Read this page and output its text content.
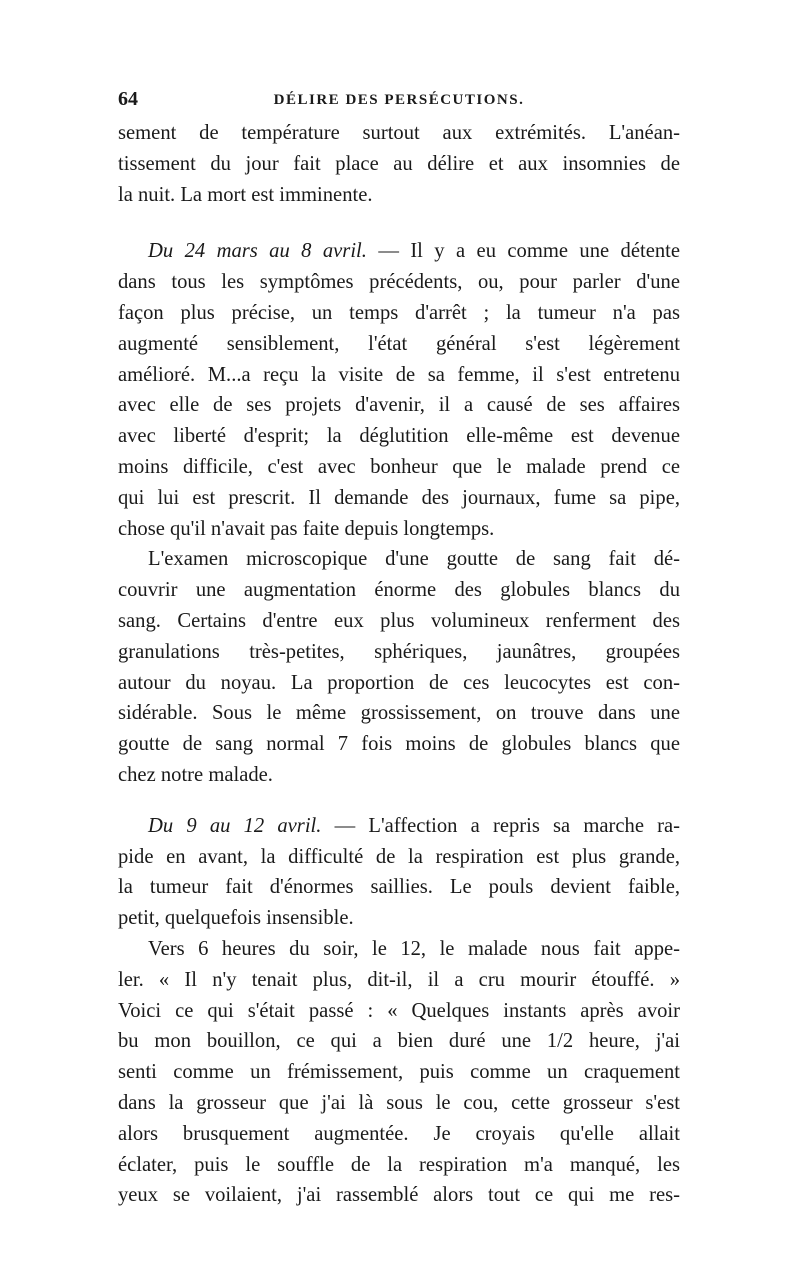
64	DÉLIRE DES PERSÉCUTIONS.
sement de température surtout aux extrémités. L'anéan-
tissement du jour fait place au délire et aux insomnies de
la nuit. La mort est imminente.
Du 24 mars au 8 avril. — Il y a eu comme une détente
dans tous les symptômes précédents, ou, pour parler d'une
façon plus précise, un temps d'arrêt ; la tumeur n'a pas
augmenté sensiblement, l'état général s'est légèrement
amélioré. M...a reçu la visite de sa femme, il s'est entretenu
avec elle de ses projets d'avenir, il a causé de ses affaires
avec liberté d'esprit; la déglutition elle-même est devenue
moins difficile, c'est avec bonheur que le malade prend ce
qui lui est prescrit. Il demande des journaux, fume sa pipe,
chose qu'il n'avait pas faite depuis longtemps.
L'examen microscopique d'une goutte de sang fait dé-
couvrir une augmentation énorme des globules blancs du
sang. Certains d'entre eux plus volumineux renferment des
granulations très-petites, sphériques, jaunâtres, groupées
autour du noyau. La proportion de ces leucocytes est con-
sidérable. Sous le même grossissement, on trouve dans une
goutte de sang normal 7 fois moins de globules blancs que
chez notre malade.
Du 9 au 12 avril. — L'affection a repris sa marche ra-
pide en avant, la difficulté de la respiration est plus grande,
la tumeur fait d'énormes saillies. Le pouls devient faible,
petit, quelquefois insensible.
Vers 6 heures du soir, le 12, le malade nous fait appe-
ler. « Il n'y tenait plus, dit-il, il a cru mourir étouffé. »
Voici ce qui s'était passé : « Quelques instants après avoir
bu mon bouillon, ce qui a bien duré une 1/2 heure, j'ai
senti comme un frémissement, puis comme un craquement
dans la grosseur que j'ai là sous le cou, cette grosseur s'est
alors brusquement augmentée. Je croyais qu'elle allait
éclater, puis le souffle de la respiration m'a manqué, les
yeux se voilaient, j'ai rassemblé alors tout ce qui me res-
